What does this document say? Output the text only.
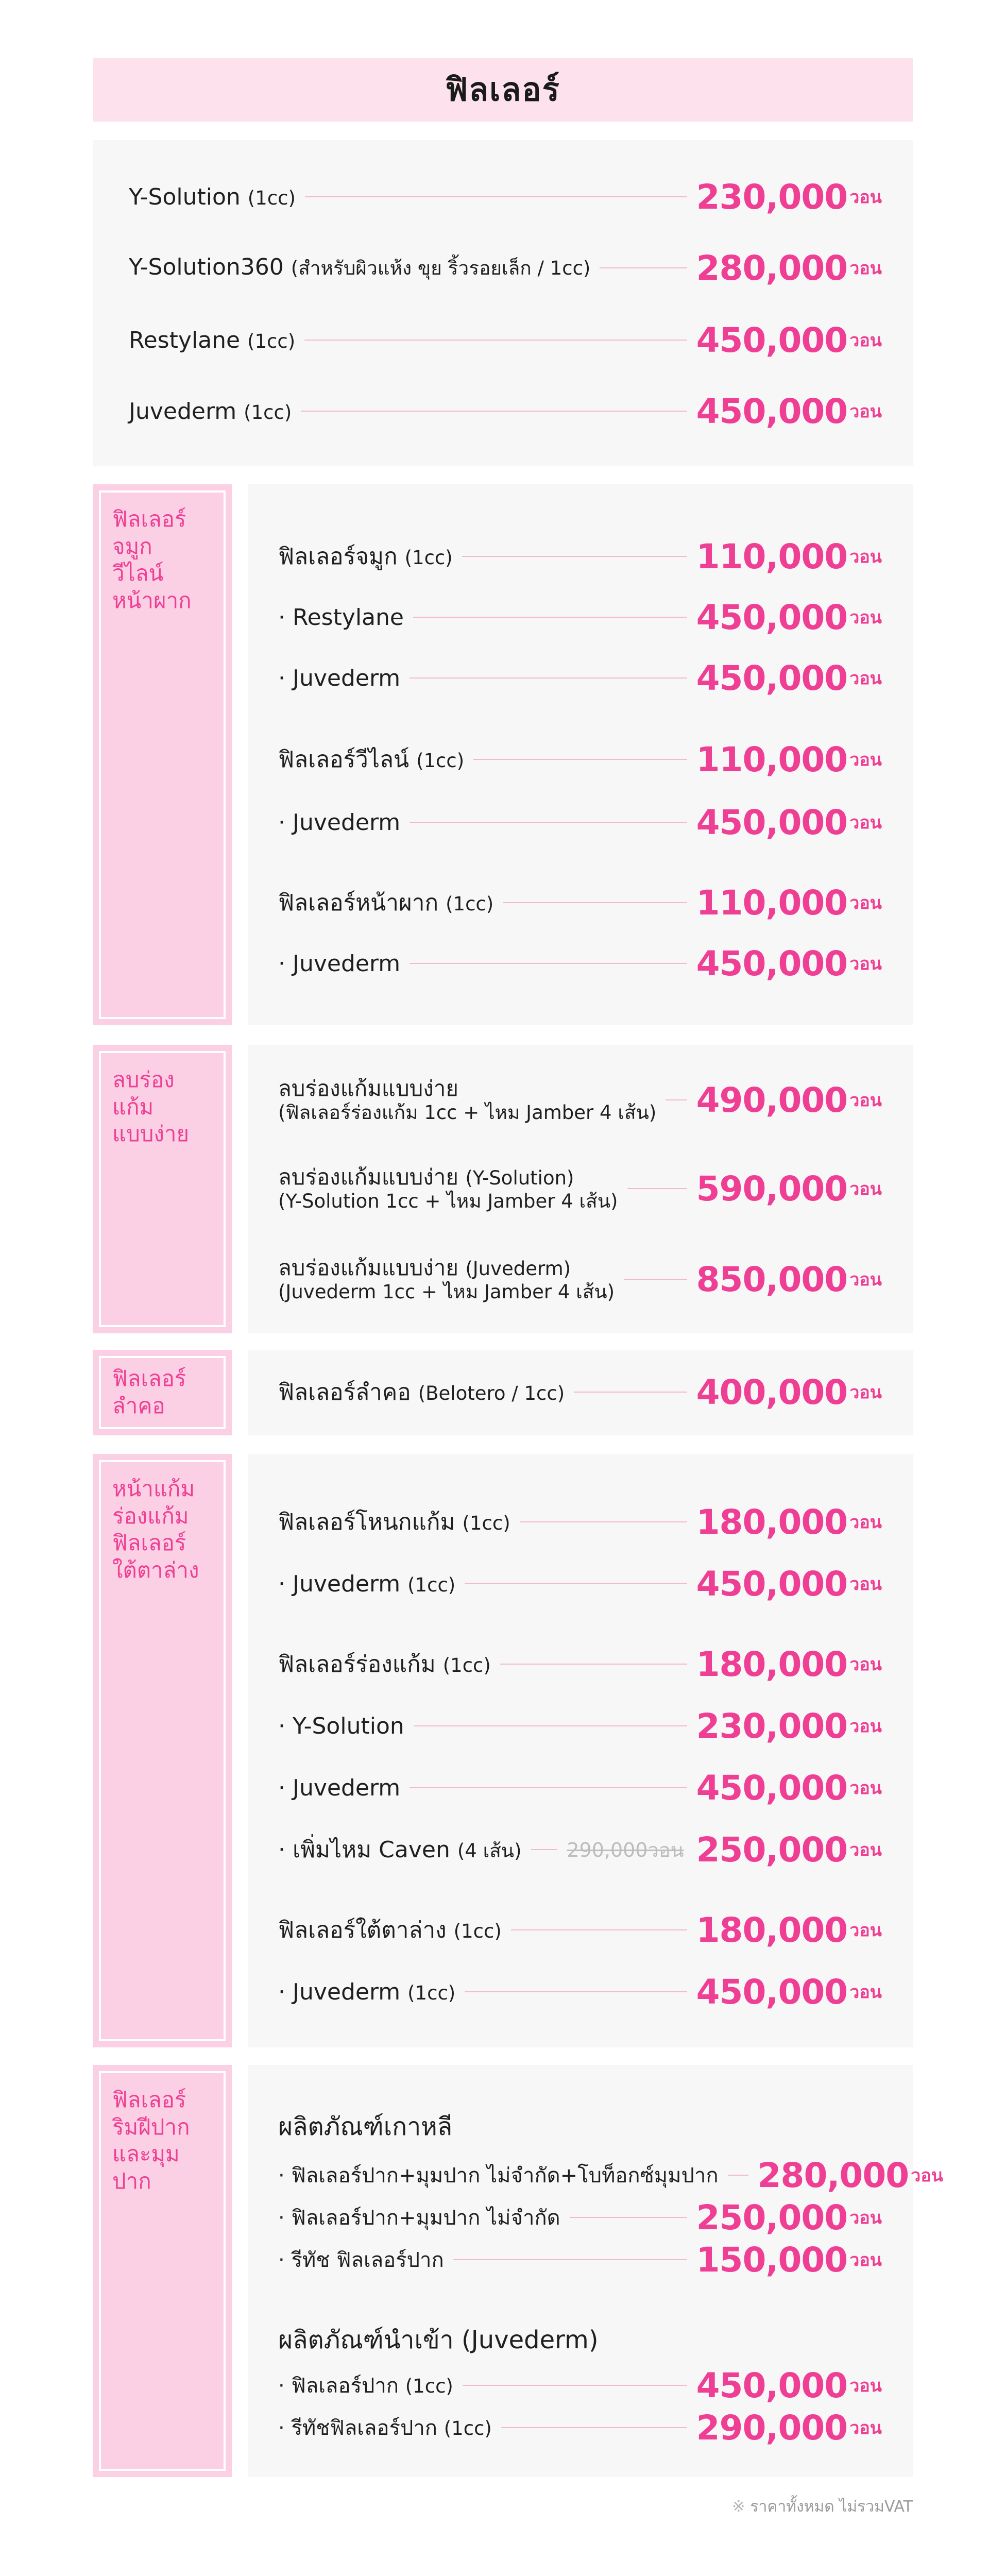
ฟิลเลอร์
Y-Solution (1cc)	230,000 วอน
Y-Solution360 (สำหรับผิวแห้ง ขุย ริ้วรอยเล็ก / 1cc)	280,000 วอน
Restylane (1cc)	450,000 วอน
Juvederm (1cc)	450,000 วอน
ฟิลเลอร์
จมูก
วีไลน์
หน้าผาก
ฟิลเลอร์จมูก (1cc)	110,000 วอน
· Restylane	450,000 วอน
· Juvederm	450,000 วอน
ฟิลเลอร์วีไลน์ (1cc)	110,000 วอน
· Juvederm	450,000 วอน
ฟิลเลอร์หน้าผาก (1cc)	110,000 วอน
· Juvederm	450,000 วอน
ลบร่องแก้ม
แบบง่าย
ลบร่องแก้มแบบง่าย
(ฟิลเลอร์ร่องแก้ม 1cc + ไหม Jamber 4 เส้น) 490,000 วอน
ลบร่องแก้มแบบง่าย (Y-Solution)
(Y-Solution 1cc + ไหม Jamber 4 เส้น) 590,000 วอน
ลบร่องแก้มแบบง่าย (Juvederm)
(Juvederm 1cc + ไหม Jamber 4 เส้น) 850,000 วอน
ฟิลเลอร์
ลำคอ	ฟิลเลอร์ลำคอ (Belotero / 1cc)	400,000 วอน
หน้าแก้ม
ร่องแก้ม
ฟิลเลอร์
ใต้ตาล่าง
ฟิลเลอร์โหนกแก้ม (1cc)	180,000 วอน
· Juvederm (1cc)	450,000 วอน
ฟิลเลอร์ร่องแก้ม (1cc)	180,000 วอน
· Y-Solution	230,000 วอน
· Juvederm	450,000 วอน
· เพิ่มไหม Caven (4 เส้น) 290,000วอน 250,000 วอน
ฟิลเลอร์ใต้ตาล่าง (1cc)	180,000 วอน
· Juvederm (1cc)	450,000 วอน
ฟิลเลอร์
ริมฝีปาก
และมุมปาก
ผลิตภัณฑ์เกาหลี
· ฟิลเลอร์ปาก+มุมปาก ไม่จำกัด+โบท็อกซ์มุมปาก 280,000 วอน
· ฟิลเลอร์ปาก+มุมปาก ไม่จำกัด	250,000 วอน
· รีทัช ฟิลเลอร์ปาก	150,000 วอน
ผลิตภัณฑ์นำเข้า (Juvederm)
· ฟิลเลอร์ปาก (1cc)	450,000 วอน
· รีทัชฟิลเลอร์ปาก (1cc)	290,000 วอน
※ ราคาทั้งหมด ไม่รวมVAT
